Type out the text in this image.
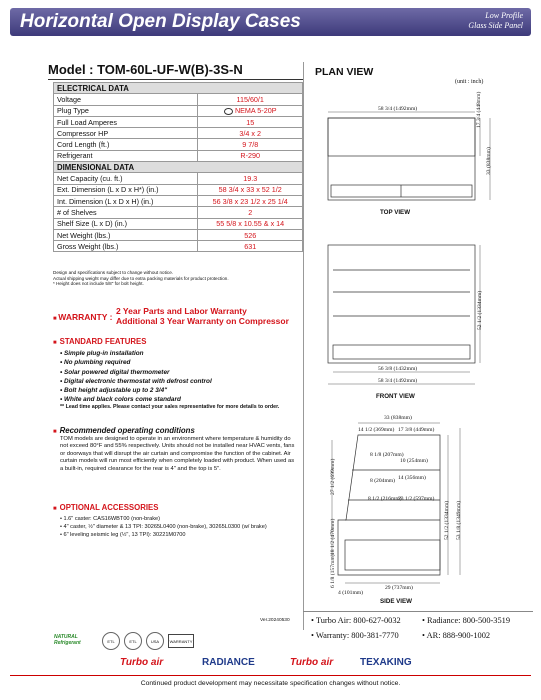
Horizontal Open Display Cases	Low Profile
Glass Side Panel
Model : TOM-60L-UF-W(B)-3S-N
ELECTRICAL DATA	
Voltage	115/60/1
Plug Type	NEMA 5-20P
Full Load Amperes	15
Compressor HP	3/4 x 2
Cord Length (ft.)	9 7/8
Refrigerant	R-290
DIMENSIONAL DATA	
Net Capacity (cu. ft.)	19.3
Ext. Dimension (L x D x H*) (in.)	58 3/4 x 33 x 52 1/2
Int. Dimension (L x D x H) (in.)	56 3/8 x 23 1/2 x 25 1/4
# of Shelves	2
Shelf Size (L x D) (in.)	55 5/8 x 10.55 & x 14
Net Weight (lbs.)	526
Gross Weight (lbs.)	631
Design and specifications subject to change without notice.
Actual shipping weight may differ due to extra packing materials for product protection.
* Height does not include 5/8" for bolt height.
■ WARRANTY :
2 Year Parts and Labor Warranty
Additional 3 Year Warranty on Compressor
■ STANDARD FEATURES
• Simple plug-in installation
• No plumbing required
• Solar powered digital thermometer
• Digital electronic thermostat with defrost control
• Bolt height adjustable up to 2 3/4"
• White and black colors come standard
** Lead time applies. Please contact your sales representative for more details to order.
■ Recommended operating conditions
TOM models are designed to operate in an environment where temperature & humidity do not exceed 80°F and 55% respectively. Units should not be installed near HVAC vents, fans or doorways that will disrupt the air curtain and compromise the function of the cabinet. Air curtain models will run most efficiently when completely loaded with product. When used as a built-in, required clearance for the rear is 4" and the top is 5".
■ OPTIONAL ACCESSORIES
• 1.6" caster: CAS16WBT00 (non-brake)
• 4" caster, ½" diameter & 13 TPI: 30265L0400 (non-brake), 30265L0300 (w/ brake)
• 6" leveling seismic leg (½", 13 TPI): 30221M0700
Ver.20240530
NATURAL Refrigerant	ETL	ETL	USA	WARRANTY
• Turbo Air: 800-627-0032	• Radiance: 800-500-3519
• Warranty: 800-381-7770	• AR: 888-900-1002
Turbo air	RADIANCE	Turbo air	TEXAKING
Continued product development may necessitate specification changes without notice.
PLAN VIEW
(unit : inch)
58 3/4 (1492mm)	17 3/4 (448mm)
33 (838mm)
TOP VIEW
56 3/8 (1432mm)
58 3/4 (1492mm)
52 1/2 (1334mm)
FRONT VIEW
33 (838mm)
14 1/2 (369mm) 17 3/8 (449mm)
8 1/8 (207mm)
10 (254mm)
8 (204mm) 14 (356mm)
8 1/2 (216mm)
23 1/2 (597mm)
27 1/2 (699mm)
18 1/2 (470mm)
6 1/8 (157mm)
4 (101mm)
29 (737mm)
52 1/2 (1334mm) 53 1/8 (1349mm)
SIDE VIEW
